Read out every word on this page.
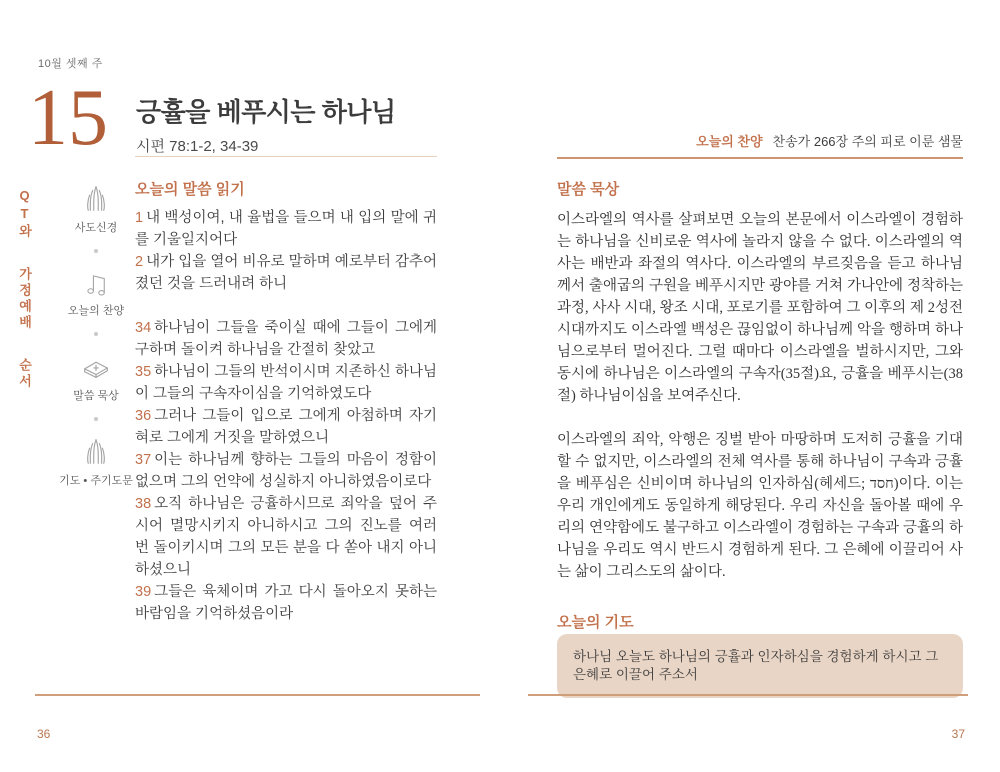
10월 셋째 주
15 긍휼을 베푸시는 하나님
시편 78:1-2, 34-39
QT와 가정예배 순서	사도신경
오늘의 찬양
말씀 묵상
기도 • 주기도문
오늘의 말씀 읽기

1 내 백성이여, 내 율법을 들으며 내 입의 말에 귀를 기울일지어다

2 내가 입을 열어 비유로 말하며 예로부터 감추어졌던 것을 드러내려 하니

34 하나님이 그들을 죽이실 때에 그들이 그에게 구하며 돌이켜 하나님을 간절히 찾았고

35 하나님이 그들의 반석이시며 지존하신 하나님이 그들의 구속자이심을 기억하였도다

36 그러나 그들이 입으로 그에게 아첨하며 자기 혀로 그에게 거짓을 말하였으니

37 이는 하나님께 향하는 그들의 마음이 정함이 없으며 그의 언약에 성실하지 아니하였음이로다

38 오직 하나님은 긍휼하시므로 죄악을 덮어 주시어 멸망시키지 아니하시고 그의 진노를 여러 번 돌이키시며 그의 모든 분을 다 쏟아 내지 아니하셨으니

39 그들은 육체이며 가고 다시 돌아오지 못하는 바람임을 기억하셨음이라

오늘의 찬양 찬송가 266장 주의 피로 이룬 샘물
말씀 묵상

이스라엘의 역사를 살펴보면 오늘의 본문에서 이스라엘이 경험하는 하나님을 신비로운 역사에 놀라지 않을 수 없다. 이스라엘의 역사는 배반과 좌절의 역사다. 이스라엘의 부르짖음을 듣고 하나님께서 출애굽의 구원을 베푸시지만 광야를 거쳐 가나안에 정착하는 과정, 사사 시대, 왕조 시대, 포로기를 포함하여 그 이후의 제 2성전 시대까지도 이스라엘 백성은 끊임없이 하나님께 악을 행하며 하나님으로부터 멀어진다. 그럴 때마다 이스라엘을 벌하시지만, 그와 동시에 하나님은 이스라엘의 구속자(35절)요, 긍휼을 베푸시는(38절) 하나님이심을 보여주신다.

이스라엘의 죄악, 악행은 징벌 받아 마땅하며 도저히 긍휼을 기대할 수 없지만, 이스라엘의 전체 역사를 통해 하나님이 구속과 긍휼을 베푸심은 신비이며 하나님의 인자하심(헤세드; חסד)이다. 이는 우리 개인에게도 동일하게 해당된다. 우리 자신을 돌아볼 때에 우리의 연약함에도 불구하고 이스라엘이 경험하는 구속과 긍휼의 하나님을 우리도 역시 반드시 경험하게 된다. 그 은혜에 이끌리어 사는 삶이 그리스도의 삶이다.

오늘의 기도
하나님 오늘도 하나님의 긍휼과 인자하심을 경험하게 하시고 그 은혜로 이끌어 주소서
36	37
